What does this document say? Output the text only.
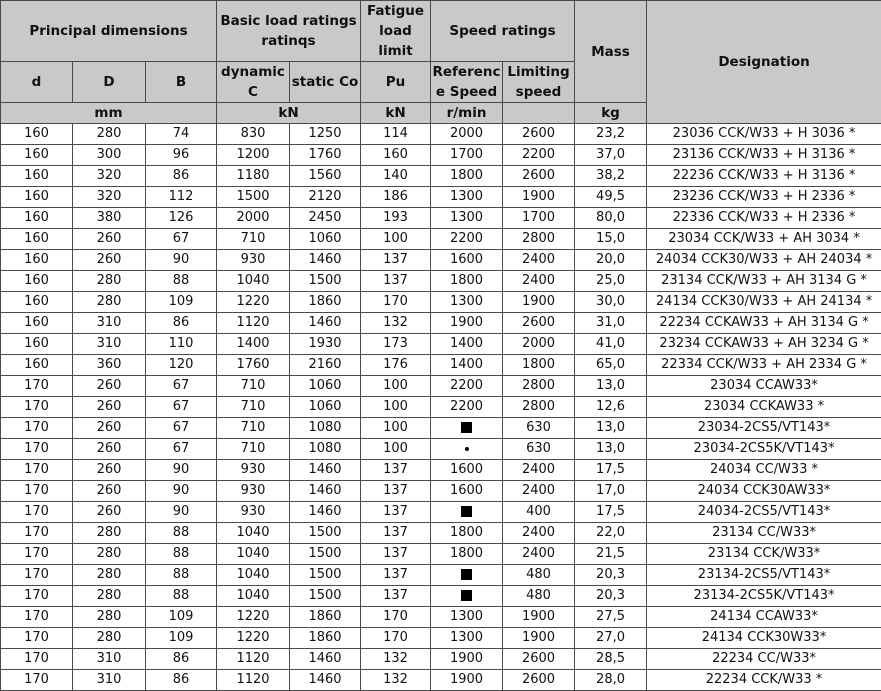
Principal dimensions			Basic load ratings ratinqs		Fatigue load limit	Speed ratings		Mass	Designation
d	D	B	dynamic C	static Co	Pu	Referenc e Speed	Limiting speed		
mm			kN		kN	r/min		kg	
160	280	74	830	1250	114	2000	2600	23,2	23036 CCK/W33 + H 3036 *
160	300	96	1200	1760	160	1700	2200	37,0	23136 CCK/W33 + H 3136 *
160	320	86	1180	1560	140	1800	2600	38,2	22236 CCK/W33 + H 3136 *
160	320	112	1500	2120	186	1300	1900	49,5	23236 CCK/W33 + H 2336 *
160	380	126	2000	2450	193	1300	1700	80,0	22336 CCK/W33 + H 2336 *
160	260	67	710	1060	100	2200	2800	15,0	23034 CCK/W33 + AH 3034 *
160	260	90	930	1460	137	1600	2400	20,0	24034 CCK30/W33 + AH 24034 *
160	280	88	1040	1500	137	1800	2400	25,0	23134 CCK/W33 + AH 3134 G *
160	280	109	1220	1860	170	1300	1900	30,0	24134 CCK30/W33 + AH 24134 *
160	310	86	1120	1460	132	1900	2600	31,0	22234 CCKAW33 + AH 3134 G *
160	310	110	1400	1930	173	1400	2000	41,0	23234 CCKAW33 + AH 3234 G *
160	360	120	1760	2160	176	1400	1800	65,0	22334 CCK/W33 + AH 2334 G *
170	260	67	710	1060	100	2200	2800	13,0	23034 CCAW33*
170	260	67	710	1060	100	2200	2800	12,6	23034 CCKAW33 *
170	260	67	710	1080	100		630	13,0	23034-2CS5/VT143*
170	260	67	710	1080	100		630	13,0	23034-2CS5K/VT143*
170	260	90	930	1460	137	1600	2400	17,5	24034 CC/W33 *
170	260	90	930	1460	137	1600	2400	17,0	24034 CCK30AW33*
170	260	90	930	1460	137		400	17,5	24034-2CS5/VT143*
170	280	88	1040	1500	137	1800	2400	22,0	23134 CC/W33*
170	280	88	1040	1500	137	1800	2400	21,5	23134 CCK/W33*
170	280	88	1040	1500	137		480	20,3	23134-2CS5/VT143*
170	280	88	1040	1500	137		480	20,3	23134-2CS5K/VT143*
170	280	109	1220	1860	170	1300	1900	27,5	24134 CCAW33*
170	280	109	1220	1860	170	1300	1900	27,0	24134 CCK30W33*
170	310	86	1120	1460	132	1900	2600	28,5	22234 CC/W33*
170	310	86	1120	1460	132	1900	2600	28,0	22234 CCK/W33 *
